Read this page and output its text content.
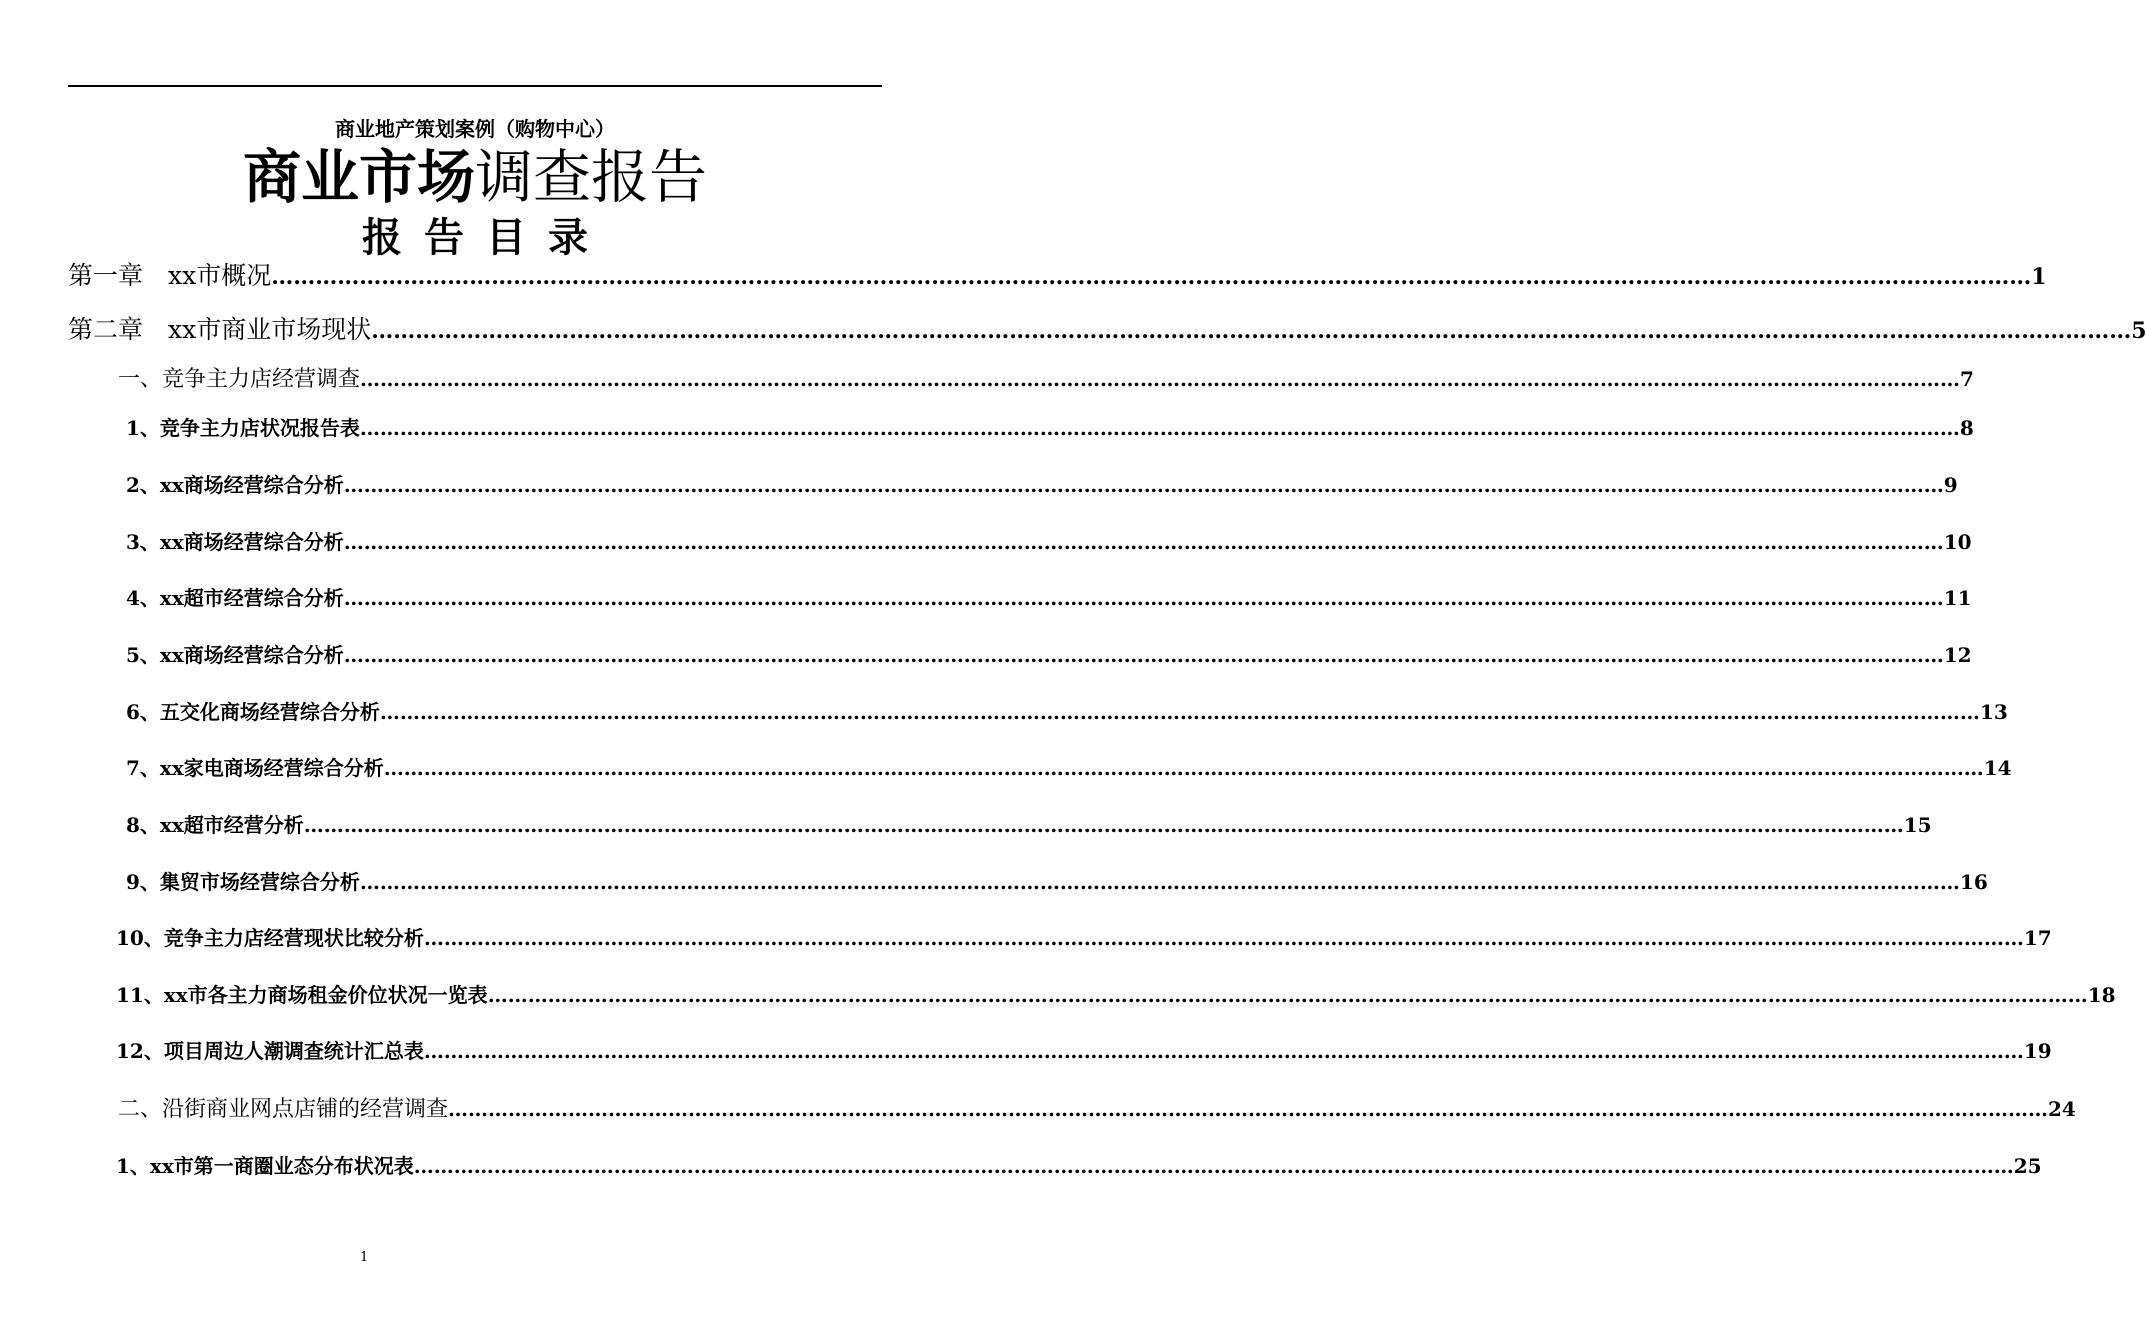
商业地产策划案例（购物中心）
商业市场调查报告
报告目录
第一章　xx市概况 …………………………………………………………………………………………………………………………………………………………………………………………………………………… 1
第二章　xx市商业市场现状 …………………………………………………………………………………………………………………………………………………………………………………………………………………… 5
一、竞争主力店经营调查 …………………………………………………………………………………………………………………………………………………………………………………………………………………… 7
1、竞争主力店状况报告表 …………………………………………………………………………………………………………………………………………………………………………………………………………………… 8
2、xx商场经营综合分析 …………………………………………………………………………………………………………………………………………………………………………………………………………………… 9
3、xx商场经营综合分析 …………………………………………………………………………………………………………………………………………………………………………………………………………………… 10
4、xx超市经营综合分析 …………………………………………………………………………………………………………………………………………………………………………………………………………………… 11
5、xx商场经营综合分析 …………………………………………………………………………………………………………………………………………………………………………………………………………………… 12
6、五交化商场经营综合分析 …………………………………………………………………………………………………………………………………………………………………………………………………………………… 13
7、xx家电商场经营综合分析 …………………………………………………………………………………………………………………………………………………………………………………………………………………… 14
8、xx超市经营分析 …………………………………………………………………………………………………………………………………………………………………………………………………………………… 15
9、集贸市场经营综合分析 …………………………………………………………………………………………………………………………………………………………………………………………………………………… 16
10、竞争主力店经营现状比较分析 …………………………………………………………………………………………………………………………………………………………………………………………………………………… 17
11、xx市各主力商场租金价位状况一览表 …………………………………………………………………………………………………………………………………………………………………………………………………………………… 18
12、项目周边人潮调查统计汇总表 …………………………………………………………………………………………………………………………………………………………………………………………………………………… 19
二、沿街商业网点店铺的经营调查 …………………………………………………………………………………………………………………………………………………………………………………………………………………… 24
1、xx市第一商圈业态分布状况表 …………………………………………………………………………………………………………………………………………………………………………………………………………………… 25
1
